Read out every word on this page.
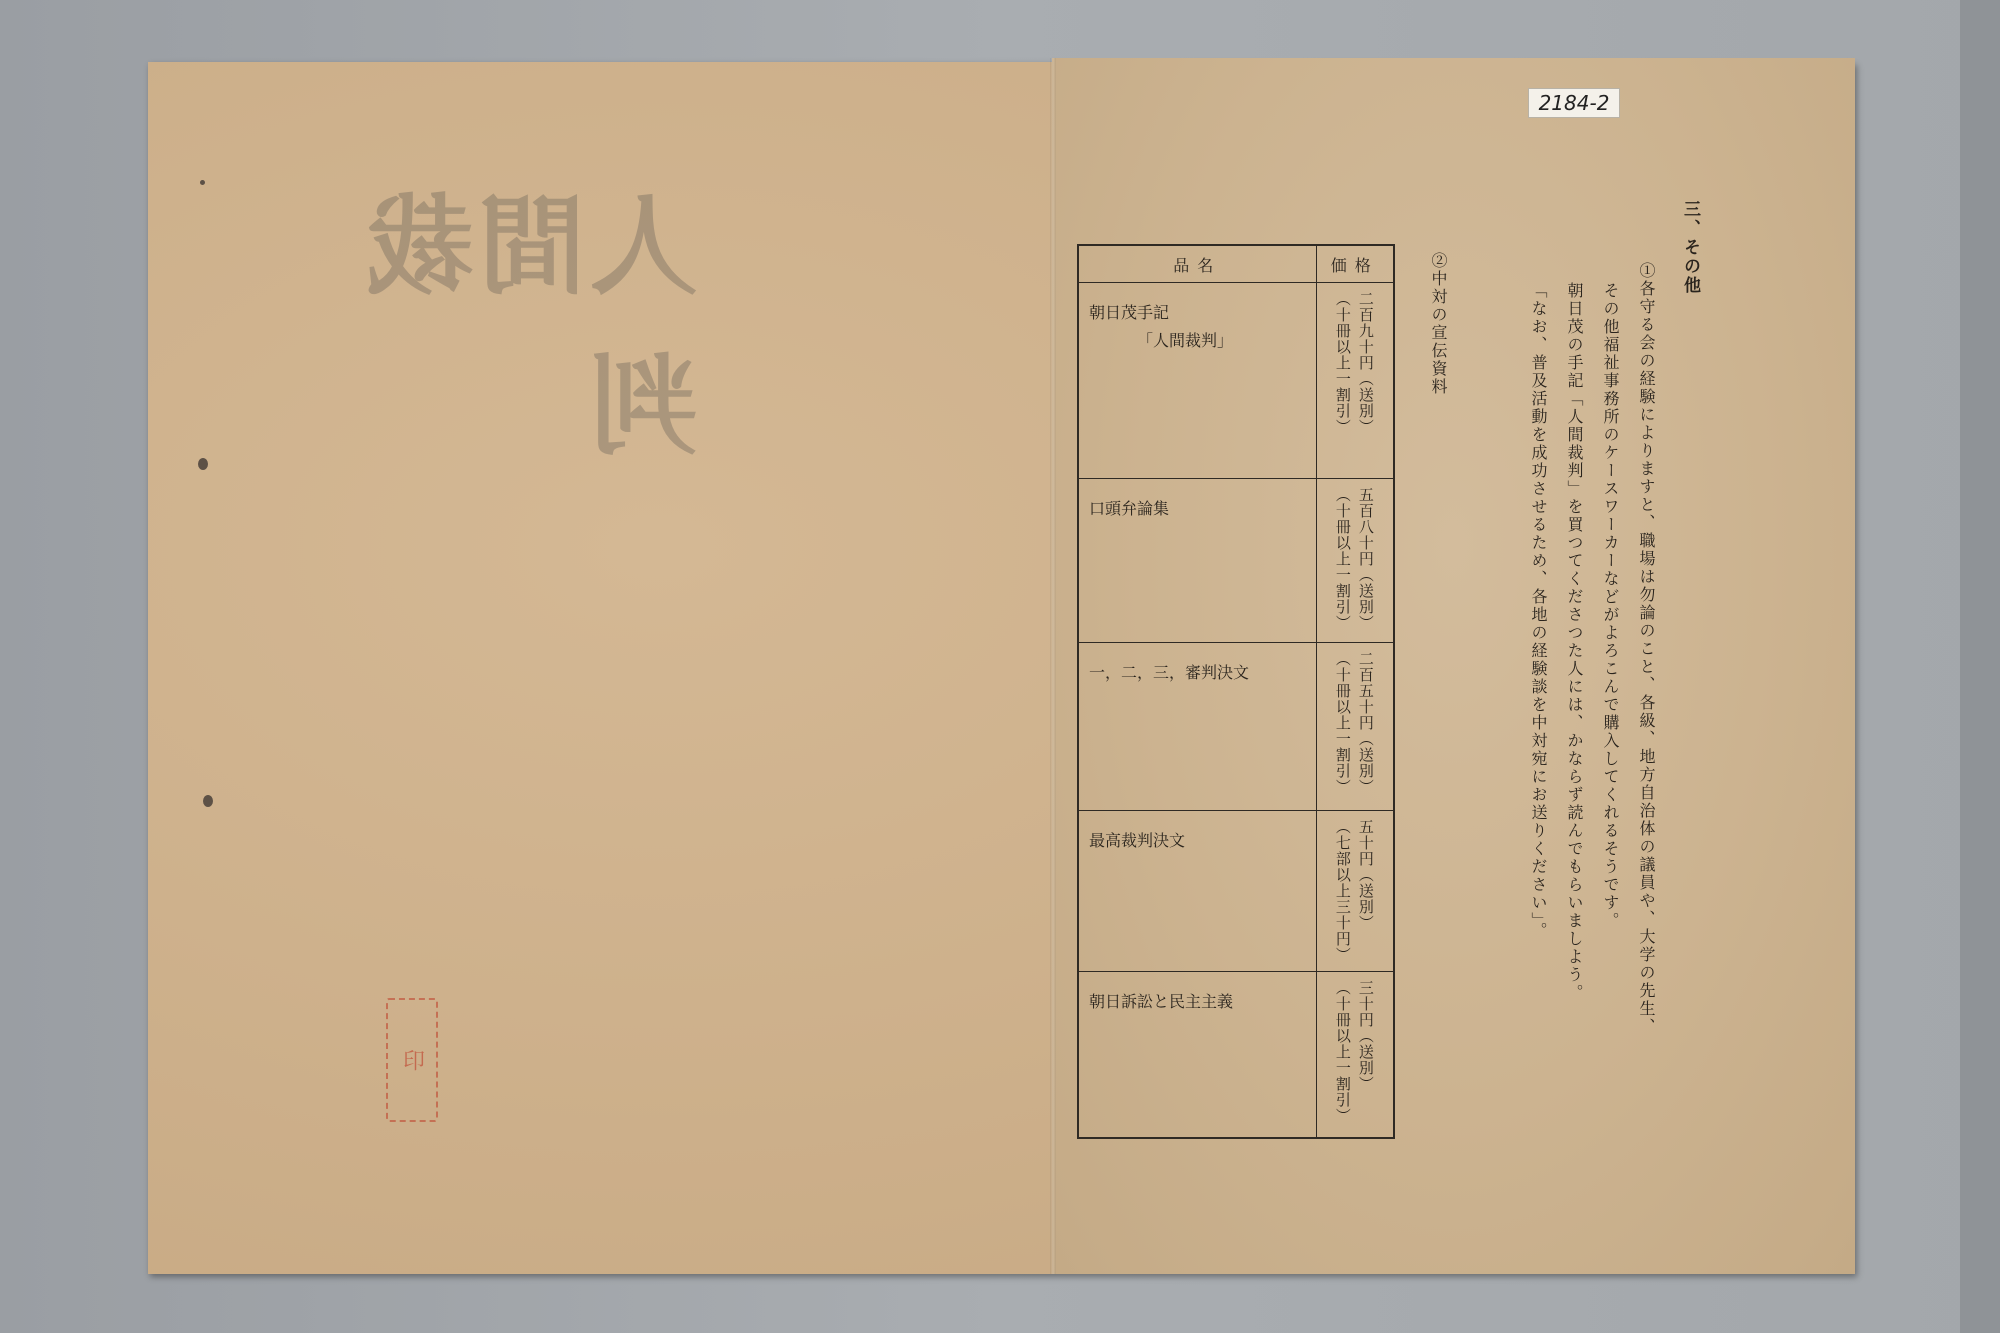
人間裁判
印
2184-2
三、その他
①各守る会の経験によりますと、職場は勿論のこと、各級、地方自治体の議員や、大学の先生、
その他福祉事務所のケースワーカーなどがよろこんで購入してくれるそうです。
朝日茂の手記「人間裁判」を買つてくださつた人には、かならず読んでもらいましよう。
「なお、普及活動を成功させるため、各地の経験談を中対宛にお送りください」。
②中対の宣伝資料
品名	価格

朝日茂手記
「人間裁判」	二百九十円（送別）
（十冊以上一割引）

口頭弁論集	五百八十円（送別）
（十冊以上一割引）

一，二，三，審判決文	二百五十円（送別）
（十冊以上一割引）

最高裁判決文	五十円（送別）
（七部以上三十円）

朝日訴訟と民主主義	三十円（送別）
（十冊以上一割引）
